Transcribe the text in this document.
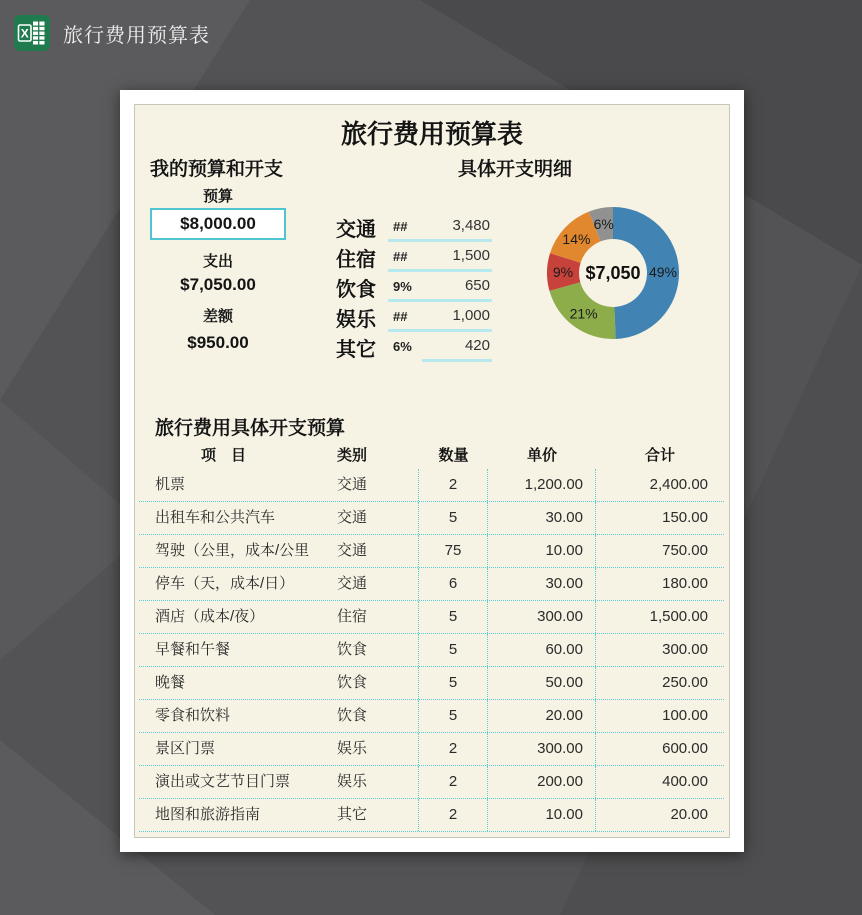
X 旅行费用预算表
旅行费用预算表
我的预算和开支	具体开支明细
预算
$8,000.00
支出
$7,050.00
差额
$950.00
交通 ##	3,480
住宿 ##	1,500
饮食 9%	650
娱乐 ##	1,000
其它 6%	420
49%
21%
9%
14%
6%
$7,050
旅行费用具体开支预算
项　目	类别	数量	单价	合计
机票	交通	2	1,200.00	2,400.00
出租车和公共汽车	交通	5	30.00	150.00
驾驶（公里，成本/公里	交通	75	10.00	750.00
停车（天，成本/日）	交通	6	30.00	180.00
酒店（成本/夜）	住宿	5	300.00	1,500.00
早餐和午餐	饮食	5	60.00	300.00
晚餐	饮食	5	50.00	250.00
零食和饮料	饮食	5	20.00	100.00
景区门票	娱乐	2	300.00	600.00
演出或文艺节目门票	娱乐	2	200.00	400.00
地图和旅游指南	其它	2	10.00	20.00
